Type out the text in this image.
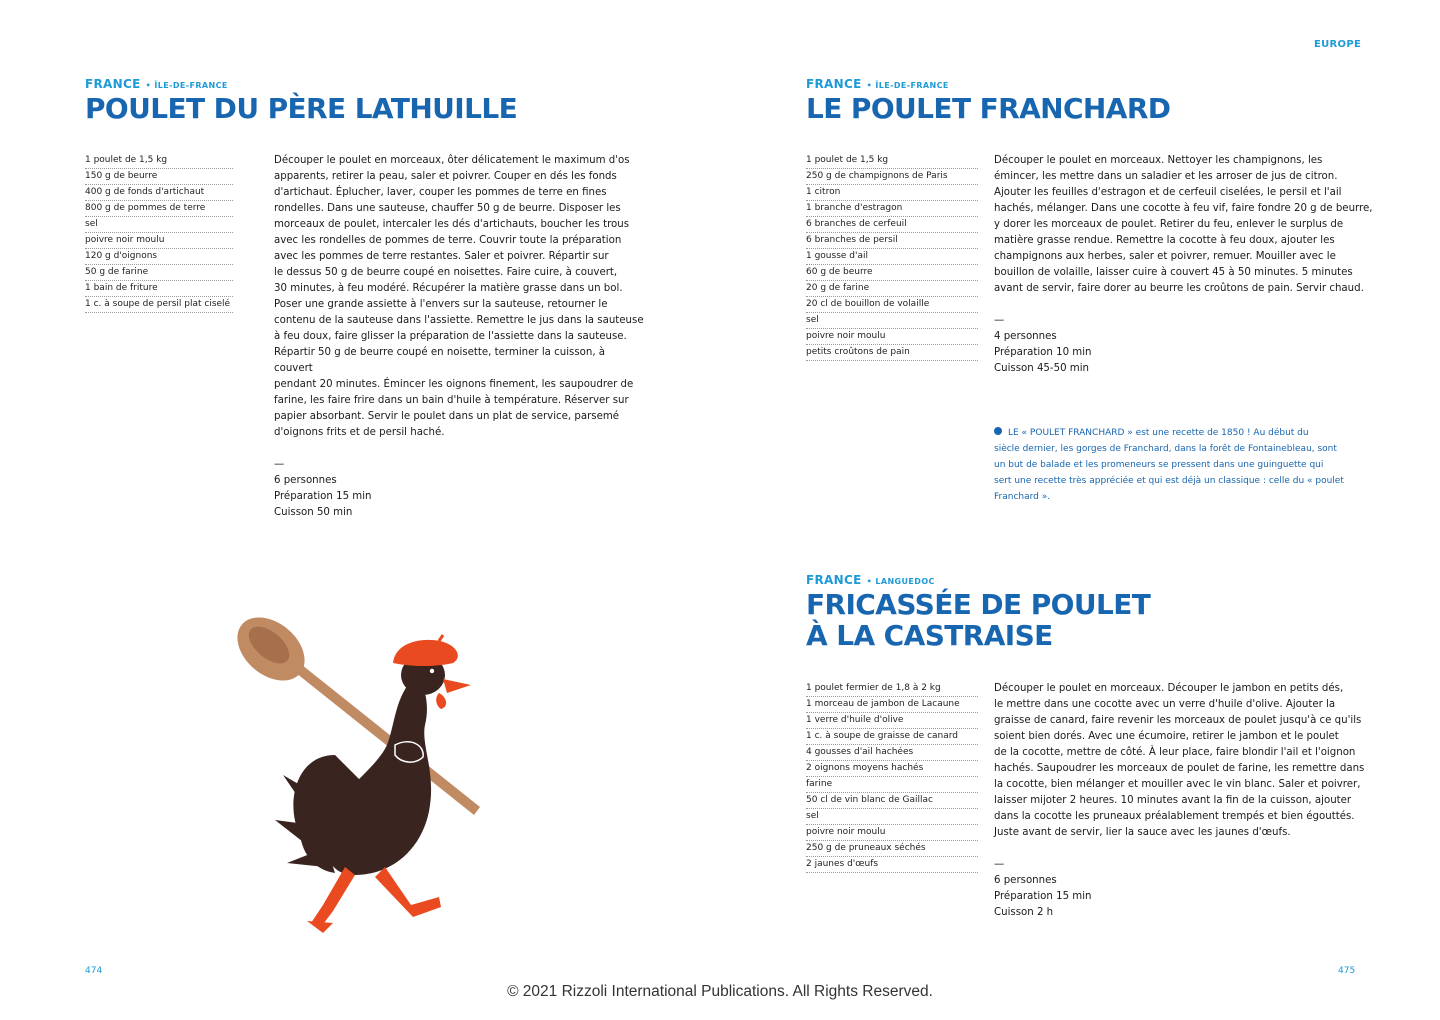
EUROPE
FRANCE • ÎLE-DE-FRANCE
POULET DU PÈRE LATHUILLE
1 poulet de 1,5 kg
150 g de beurre
400 g de fonds d'artichaut
800 g de pommes de terre
sel
poivre noir moulu
120 g d'oignons
50 g de farine
1 bain de friture
1 c. à soupe de persil plat ciselé

Découper le poulet en morceaux, ôter délicatement le maximum d'os
apparents, retirer la peau, saler et poivrer. Couper en dés les fonds
d'artichaut. Éplucher, laver, couper les pommes de terre en fines
rondelles. Dans une sauteuse, chauffer 50 g de beurre. Disposer les
morceaux de poulet, intercaler les dés d'artichauts, boucher les trous
avec les rondelles de pommes de terre. Couvrir toute la préparation
avec les pommes de terre restantes. Saler et poivrer. Répartir sur
le dessus 50 g de beurre coupé en noisettes. Faire cuire, à couvert,
30 minutes, à feu modéré. Récupérer la matière grasse dans un bol.
Poser une grande assiette à l'envers sur la sauteuse, retourner le
contenu de la sauteuse dans l'assiette. Remettre le jus dans la sauteuse
à feu doux, faire glisser la préparation de l'assiette dans la sauteuse.
Répartir 50 g de beurre coupé en noisette, terminer la cuisson, à couvert
pendant 20 minutes. Émincer les oignons finement, les saupoudrer de
farine, les faire frire dans un bain d'huile à température. Réserver sur
papier absorbant. Servir le poulet dans un plat de service, parsemé
d'oignons frits et de persil haché.

—
6 personnes
Préparation 15 min
Cuisson 50 min

FRANCE • ÎLE-DE-FRANCE
LE POULET FRANCHARD
1 poulet de 1,5 kg
250 g de champignons de Paris
1 citron
1 branche d'estragon
6 branches de cerfeuil
6 branches de persil
1 gousse d'ail
60 g de beurre
20 g de farine
20 cl de bouillon de volaille
sel
poivre noir moulu
petits croûtons de pain

Découper le poulet en morceaux. Nettoyer les champignons, les
émincer, les mettre dans un saladier et les arroser de jus de citron.
Ajouter les feuilles d'estragon et de cerfeuil ciselées, le persil et l'ail
hachés, mélanger. Dans une cocotte à feu vif, faire fondre 20 g de beurre,
y dorer les morceaux de poulet. Retirer du feu, enlever le surplus de
matière grasse rendue. Remettre la cocotte à feu doux, ajouter les
champignons aux herbes, saler et poivrer, remuer. Mouiller avec le
bouillon de volaille, laisser cuire à couvert 45 à 50 minutes. 5 minutes
avant de servir, faire dorer au beurre les croûtons de pain. Servir chaud.

—
4 personnes
Préparation 10 min
Cuisson 45-50 min

LE « POULET FRANCHARD » est une recette de 1850 ! Au début du
siècle dernier, les gorges de Franchard, dans la forêt de Fontainebleau, sont
un but de balade et les promeneurs se pressent dans une guinguette qui
sert une recette très appréciée et qui est déjà un classique : celle du « poulet
Franchard ».
FRANCE • LANGUEDOC
FRICASSÉE DE POULET
À LA CASTRAISE
1 poulet fermier de 1,8 à 2 kg
1 morceau de jambon de Lacaune
1 verre d'huile d'olive
1 c. à soupe de graisse de canard
4 gousses d'ail hachées
2 oignons moyens hachés
farine
50 cl de vin blanc de Gaillac
sel
poivre noir moulu
250 g de pruneaux séchés
2 jaunes d'œufs

Découper le poulet en morceaux. Découper le jambon en petits dés,
le mettre dans une cocotte avec un verre d'huile d'olive. Ajouter la
graisse de canard, faire revenir les morceaux de poulet jusqu'à ce qu'ils
soient bien dorés. Avec une écumoire, retirer le jambon et le poulet
de la cocotte, mettre de côté. À leur place, faire blondir l'ail et l'oignon
hachés. Saupoudrer les morceaux de poulet de farine, les remettre dans
la cocotte, bien mélanger et mouiller avec le vin blanc. Saler et poivrer,
laisser mijoter 2 heures. 10 minutes avant la fin de la cuisson, ajouter
dans la cocotte les pruneaux préalablement trempés et bien égouttés.
Juste avant de servir, lier la sauce avec les jaunes d'œufs.

—
6 personnes
Préparation 15 min
Cuisson 2 h

474	475
© 2021 Rizzoli International Publications. All Rights Reserved.
